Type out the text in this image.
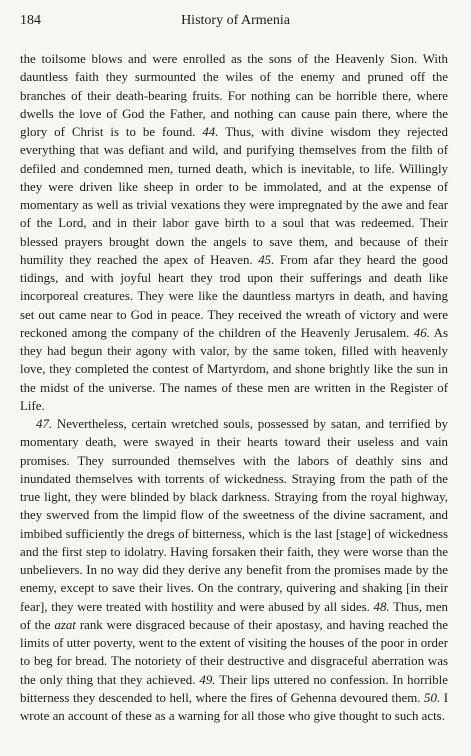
184	History of Armenia

the toilsome blows and were enrolled as the sons of the Heavenly Sion. With dauntless faith they surmounted the wiles of the enemy and pruned off the branches of their death-bearing fruits. For nothing can be horrible there, where dwells the love of God the Father, and nothing can cause pain there, where the glory of Christ is to be found. 44. Thus, with divine wisdom they rejected everything that was defiant and wild, and purifying themselves from the filth of defiled and condemned men, turned death, which is inevitable, to life. Willingly they were driven like sheep in order to be immolated, and at the expense of momentary as well as trivial vexations they were impregnated by the awe and fear of the Lord, and in their labor gave birth to a soul that was redeemed. Their blessed prayers brought down the angels to save them, and because of their humility they reached the apex of Heaven. 45. From afar they heard the good tidings, and with joyful heart they trod upon their sufferings and death like incorporeal creatures. They were like the dauntless martyrs in death, and having set out came near to God in peace. They received the wreath of victory and were reckoned among the company of the children of the Heavenly Jerusalem. 46. As they had begun their agony with valor, by the same token, filled with heavenly love, they completed the contest of Martyrdom, and shone brightly like the sun in the midst of the universe. The names of these men are written in the Register of Life.

47. Nevertheless, certain wretched souls, possessed by satan, and terrified by momentary death, were swayed in their hearts toward their useless and vain promises. They surrounded themselves with the labors of deathly sins and inundated themselves with torrents of wickedness. Straying from the path of the true light, they were blinded by black darkness. Straying from the royal highway, they swerved from the limpid flow of the sweetness of the divine sacrament, and imbibed sufficiently the dregs of bitterness, which is the last [stage] of wickedness and the first step to idolatry. Having forsaken their faith, they were worse than the unbelievers. In no way did they derive any benefit from the promises made by the enemy, except to save their lives. On the contrary, quivering and shaking [in their fear], they were treated with hostility and were abused by all sides. 48. Thus, men of the azat rank were disgraced because of their apostasy, and having reached the limits of utter poverty, went to the extent of visiting the houses of the poor in order to beg for bread. The notoriety of their destructive and disgraceful aberration was the only thing that they achieved. 49. Their lips uttered no confession. In horrible bitterness they descended to hell, where the fires of Gehenna devoured them. 50. I wrote an account of these as a warning for all those who give thought to such acts.
